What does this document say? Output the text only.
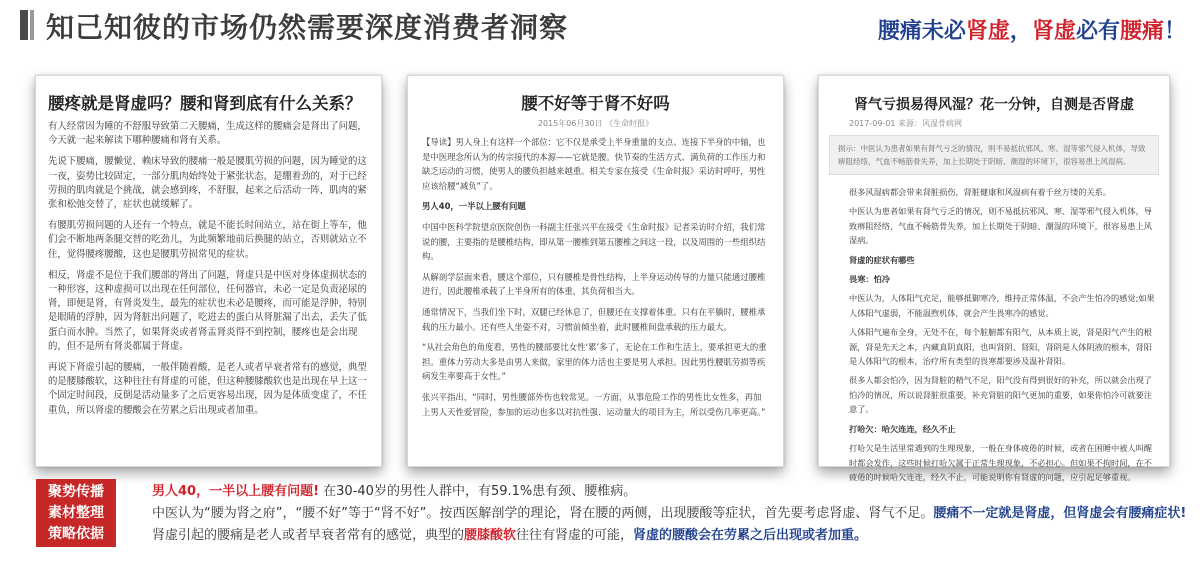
知己知彼的市场仍然需要深度消费者洞察	腰痛未必肾虚，肾虚必有腰痛！
腰疼就是肾虚吗？腰和肾到底有什么关系？

有人经常因为睡的不舒服导致第二天腰痛，生成这样的腰痛会是肾出了问题，今天就一起来解读下哪种腰痛和肾有关系。

先说下腰痛，腰懒觉、赖床导致的腰痛一般是腰肌劳损的问题，因为睡觉的这一夜，姿势比较固定，一部分肌肉始终处于紧张状态，是绷着劲的，对于已经劳损的肌肉就是个挑战，就会感到疼，不舒服，起来之后活动一阵，肌肉的紧张和松弛交替了，症状也就缓解了。

有腰肌劳损问题的人还有一个特点，就是不能长时间站立，站在街上等车，他们会不断地两条腿交替的吃劲儿，为此频繁地前后换腿的站立，否则就站立不住，觉得腰疼腰酸，这也是腰肌劳损常见的症状。

相反，肾虚不是位于我们腰部的肾出了问题，肾虚只是中医对身体虚损状态的一种形容，这种虚损可以出现在任何部位，任何器官，未必一定是负责泌尿的肾，即便是肾，有肾炎发生，最先的症状也未必是腰疼，而可能是浮肿，特别是眼睛的浮肿，因为肾脏出问题了，吃进去的蛋白从肾脏漏了出去，丢失了低蛋白而水肿。当然了，如果肾炎或者肾盂肾炎得不到控制，腰疼也是会出现的，但不是所有肾炎都属于肾虚。

再说下肾虚引起的腰痛，一般伴随着酸，是老人或者早衰者常有的感觉，典型的是腰膝酸软，这种往往有肾虚的可能，但这种腰膝酸软也是出现在早上这一个固定时间段，反倒是活动量多了之后更容易出现，因为是体质变虚了，不任重负，所以肾虚的腰酸会在劳累之后出现或者加重。

腰不好等于肾不好吗
2015年06月30日 《生命时报》

【导读】男人身上有这样一个部位：它不仅是承受上半身重量的支点、连接下半身的中轴，也是中医理念所认为的传宗接代的本源——它就是腰。快节奏的生活方式、满负荷的工作压力和缺乏运动的习惯，使男人的腰负担越来越重。相关专家在接受《生命时报》采访时呼吁，男性应该给腰“减负”了。

男人40，一半以上腰有问题

中国中医科学院望京医院创伤一科副主任张兴平在接受《生命时报》记者采访时介绍，我们常说的腰，主要指的是腰椎结构，即从第一腰椎到第五腰椎之间这一段，以及周围的一些组织结构。

从解剖学层面来看，腰这个部位，只有腰椎是骨性结构，上半身运动传导的力量只能通过腰椎进行，因此腰椎承载了上半身所有的体重，其负荷相当大。

通常情况下，当我们坐下时，双腿已经休息了，但腰还在支撑着体重。只有在平躺时，腰椎承载的压力最小。还有些人坐姿不对，习惯前倾坐着，此时腰椎间盘承载的压力最大。

“从社会角色的角度看，男性的腰部要比女性‘累’多了，无论在工作和生活上，要承担更大的重担。重体力劳动大多是由男人来做，家里的体力活也主要是男人承担。因此男性腰肌劳损等疾病发生率要高于女性。”

张兴平指出，“同时，男性腰部外伤也较常见。一方面，从事危险工作的男性比女性多，再加上男人天性爱冒险，参加的运动也多以对抗性强、运动量大的项目为主，所以受伤几率更高。”

肾气亏损易得风湿？花一分钟，自测是否肾虚
2017-09-01 来源：风湿骨病网
损示：中医认为患者如果有肾气亏乏的情况，则不易抵抗邪风、寒、湿等邪气侵入机体，导致痹阻经络，气血不畅筋骨失养，加上长期处于阴暗、潮湿的环境下，很容易患上风湿病。

很多风湿病都会带来肾脏损伤，肾脏健康和风湿病有着千丝万缕的关系。

中医认为患者如果有肾气亏乏的情况，则不易抵抗邪风、寒、湿等邪气侵入机体，导致痹阻经络，气血不畅筋骨失养，加上长期处于阴暗、潮湿的环境下，很容易患上风湿病。

肾虚的症状有哪些

畏寒：怕冷

中医认为，人体阳气充足，能够抵御寒冷，维持正常体温，不会产生怕冷的感觉;如果人体阳气虚弱，不能温煦机体，就会产生畏寒冷的感觉。

人体阳气遍布全身，无处不在，每个脏腑都有阳气，从本质上说，肾是阳气产生的根源，肾是先天之本，内藏真阴真阳，也叫肾阴、肾阳，肾阴是人体阴液的根本，肾阳是人体阳气的根本，治疗所有类型的畏寒都要涉及温补肾阳。

很多人都会怕冷，因为肾脏的精气不足，阳气没有得到很好的补充，所以就会出现了怕冷的情况，所以说肾脏很重要，补充肾脏的阳气更加的重要，如果你怕冷可就要注意了。

打哈欠：哈欠连连，经久不止

打哈欠是生活里常遇到的生理现象，一般在身体疲倦的时候，或者在困睡中被人叫醒时都会发作，这些时候打哈欠属于正常生理现象，不必担心。但如果不拘时间，在不疲倦的时候哈欠连连，经久不止，可能说明你有肾虚的问题，应引起足够重视。

聚势传播
素材整理
策略依据
男人40，一半以上腰有问题! 在30-40岁的男性人群中，有59.1%患有颈、腰椎病。
中医认为“腰为肾之府”，“腰不好”等于“肾不好”。按西医解剖学的理论，肾在腰的两侧，出现腰酸等症状，首先要考虑肾虚、肾气不足。腰痛不一定就是肾虚，但肾虚会有腰痛症状!
肾虚引起的腰痛是老人或者早衰者常有的感觉，典型的腰膝酸软往往有肾虚的可能，肾虚的腰酸会在劳累之后出现或者加重。
